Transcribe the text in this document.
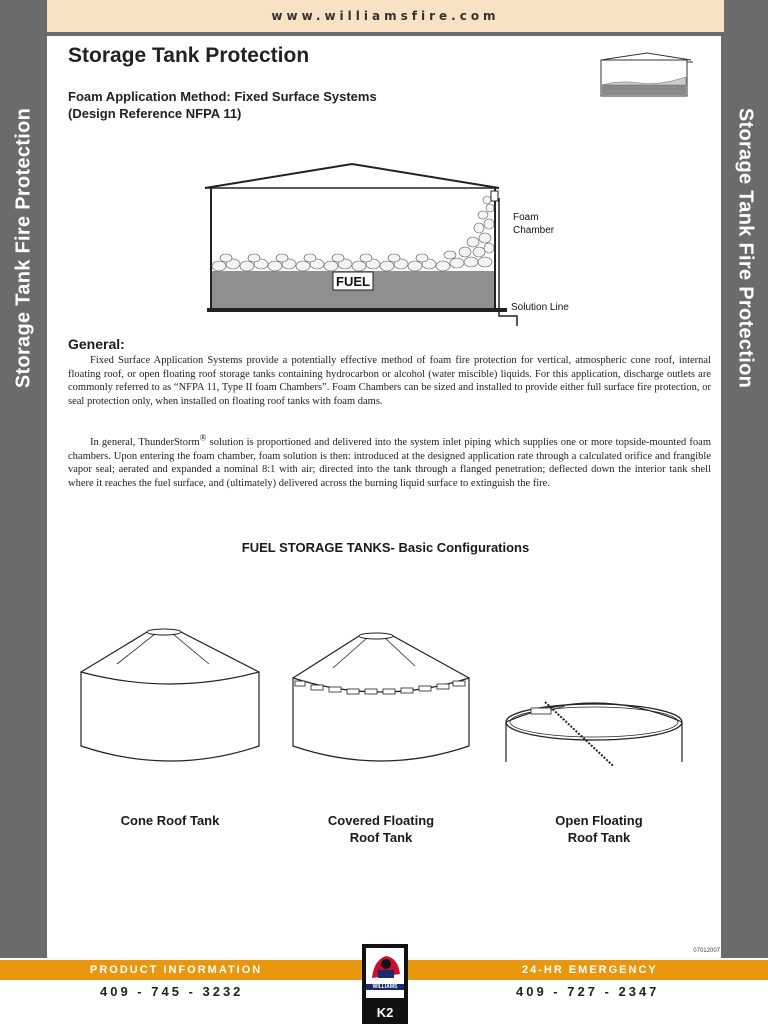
www.williamsfire.com
Storage Tank Fire Protection	Storage Tank Fire Protection
Storage Tank Protection
Foam Application Method: Fixed Surface Systems
(Design Reference NFPA 11)
Foam
Chamber
Solution Line
FUEL
General:

Fixed Surface Application Systems provide a potentially effective method of foam fire protection for vertical, atmospheric cone roof, internal floating roof, or open floating roof storage tanks containing hydrocarbon or alcohol (water miscible) liquids. For this application, discharge outlets are commonly referred to as “NFPA 11, Type II foam Chambers”. Foam Chambers can be sized and installed to provide either full surface fire protection, or seal protection only, when installed on floating roof tanks with foam dams.

In general, ThunderStorm® solution is proportioned and delivered into the system inlet piping which supplies one or more topside-mounted foam chambers. Upon entering the foam chamber, foam solution is then: introduced at the designed application rate through a calculated orifice and frangible vapor seal; aerated and expanded a nominal 8:1 with air; directed into the tank through a flanged penetration; deflected down the interior tank shell where it reaches the fuel surface, and (ultimately) delivered across the burning liquid surface to extinguish the fire.

FUEL STORAGE TANKS- Basic Configurations
Cone Roof Tank	Covered Floating
Roof Tank
Open Floating
Roof Tank
07012007
PRODUCT INFORMATION	24-HR EMERGENCY
409 - 745 - 3232	409 - 727 - 2347
WILLIAMS
K2
